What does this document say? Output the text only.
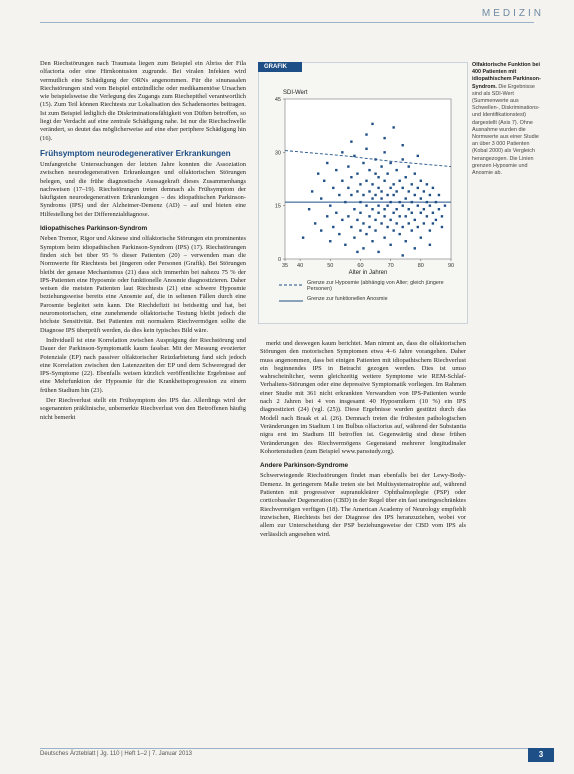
MEDIZIN

Den Riechstörungen nach Traumata liegen zum Beispiel ein Abriss der Fila olfactoria oder eine Hirnkontusion zugrunde. Bei viralen Infekten wird vermutlich eine Schädigung der ORNs angenommen. Für die sinunasalen Riechstörungen sind vom Beispiel entzündliche oder medikamentöse Ursachen wie beispielsweise die Verlegung des Zugangs zum Riechepithel verantwortlich (15). Zum Teil können Riechtests zur Lokalisation des Schadensortes beitragen. Ist zum Beispiel lediglich die Diskriminationsfähigkeit von Düften betroffen, so liegt der Verdacht auf eine zentrale Schädigung nahe. Ist nur die Riechschwelle verändert, so deutet das möglicherweise auf eine eher periphere Schädigung hin (16).

Frühsymptom neurodegenerativer Erkrankungen

Umfangreiche Untersuchungen der letzten Jahre konnten die Assoziation zwischen neurodegenerativen Erkrankungen und olfaktorischen Störungen belegen, und die frühe diagnostische Aussagekraft dieses Zusammenhangs nachweisen (17–19). Riechstörungen treten demnach als Frühsymptom der häufigsten neurodegenerativen Erkrankungen – des idiopathischen Parkinson-Syndroms (IPS) und der Alzheimer-Demenz (AD) – auf und bieten eine Hilfestellung bei der Differenzialdiagnose.

Idiopathisches Parkinson-Syndrom

Neben Tremor, Rigor und Akinese sind olfaktorische Störungen ein prominentes Symptom beim idiopathischen Parkinson-Syndrom (IPS) (17). Riechstörungen finden sich bei über 95 % dieser Patienten (20) – verwenden man die Normwerte für Riechtests bei jüngeren oder Personen (Grafik). Bei Störungen bleibt der genaue Mechanismus (21) dass sich immerhin bei nahezu 75 % der IPS-Patienten eine Hyposmie oder funktionelle Anosmie diagnostizieren. Daher weisen die meisten Patienten laut Riechtests (21) eine schwere Hyposmie beziehungsweise bereits eine Anosmie auf, die in seltenen Fällen durch eine Parosmie begleitet sein kann. Die Riechdefizit ist beidseitig und hat, bei neuromotorischen, eine zunehmende olfaktorische Testung bleibt jedoch die höchste Sensitivität. Bei Patienten mit normalem Riechvermögen sollte die Diagnose IPS überprüft werden, da dies kein typisches Bild wäre.

Individuell ist eine Korrelation zwischen Ausprägung der Riechstörung und Dauer der Parkinson-Symptomatik kaum fassbar. Mit der Messung evozierter Potenziale (EP) nach passiver olfaktorischer Reizdarbietung fand sich jedoch eine Korrelation zwischen den Latenzzeiten der EP und dem Schweregrad der IPS-Symptome (22). Ebenfalls weisen kürzlich veröffentlichte Ergebnisse auf eine Mehrfunktion der Hyposmie für die Krankheitsprogression zu einem frühen Stadium hin (23).

Der Riechverlust stellt ein Frühsymptom des IPS dar. Allerdings wird der sogenannten präklinische, unbemerkte Riechverlust von den Betroffenen häufig nicht bemerkt

SDI-Wert
0
15
30
45
35 40	50	60	70	80	90
Alter in Jahren
Grenze zur Hyposmie (abhängig von Alter; gleich jüngere Personen)
Grenze zur funktionellen Anosmie
GRAFIK	Olfaktorische Funktion bei 400 Patienten mit idiopathischem Parkinson-Syndrom. Die Ergebnisse sind als SDI-Wert (Summenwerte aus Schwellen-, Diskriminations- und Identifikationstest) dargestellt (Axis 7). Ohne Ausnahme wurden die Normwerte aus einer Studie an über 3 000 Patienten (Kobal 2000) als Vergleich herangezogen. Die Linien grenzen Hyposmie und Anosmie ab.

merkt und deswegen kaum berichtet. Man nimmt an, dass die olfaktorischen Störungen den motorischen Symptomen etwa 4–6 Jahre vorangehen. Daher muss angenommen, dass bei einigen Patienten mit idiopathischem Riechverlust ein beginnendes IPS in Betracht gezogen werden. Dies ist umso wahrscheinlicher, wenn gleichzeitig weitere Symptome wie REM-Schlaf-Verhaltens-Störungen oder eine depressive Symptomatik vorliegen. Im Rahmen einer Studie mit 361 nicht erkrankten Verwandten von IPS-Patienten wurde nach 2 Jahren bei 4 von insgesamt 40 Hyposmikern (10 %) ein IPS diagnostiziert (24) (vgl. (25)). Diese Ergebnisse wurden gestützt durch das Modell nach Braak et al. (26). Demnach treten die frühesten pathologischen Veränderungen im Stadium 1 im Bulbus olfactorius auf, während der Substantia nigra erst im Stadium III betroffen ist. Gegenwärtig sind diese frühen Veränderungen des Riechvermögens Gegenstand mehrerer longitudinaler Kohortenstudien (zum Beispiel www.parsstudy.org).

Andere Parkinson-Syndrome

Schwerwiegende Riechstörungen findet man ebenfalls bei der Lewy-Body-Demenz. In geringerem Maße treten sie bei Multisystematrophie auf, während Patienten mit progressiver supranukleärer Ophthalmoplegie (PSP) oder corticobasaler Degeneration (CBD) in der Regel über ein fast uneingeschränktes Riechvermögen verfügen (18). The American Academy of Neurology empfiehlt inzwischen, Riechtests bei der Diagnose des IPS heranzuziehen, wobei vor allem zur Unterscheidung der PSP beziehungsweise der CBD vom IPS als verlässlich angesehen wird.

Deutsches Ärzteblatt | Jg. 110 | Heft 1–2 | 7. Januar 2013	3
